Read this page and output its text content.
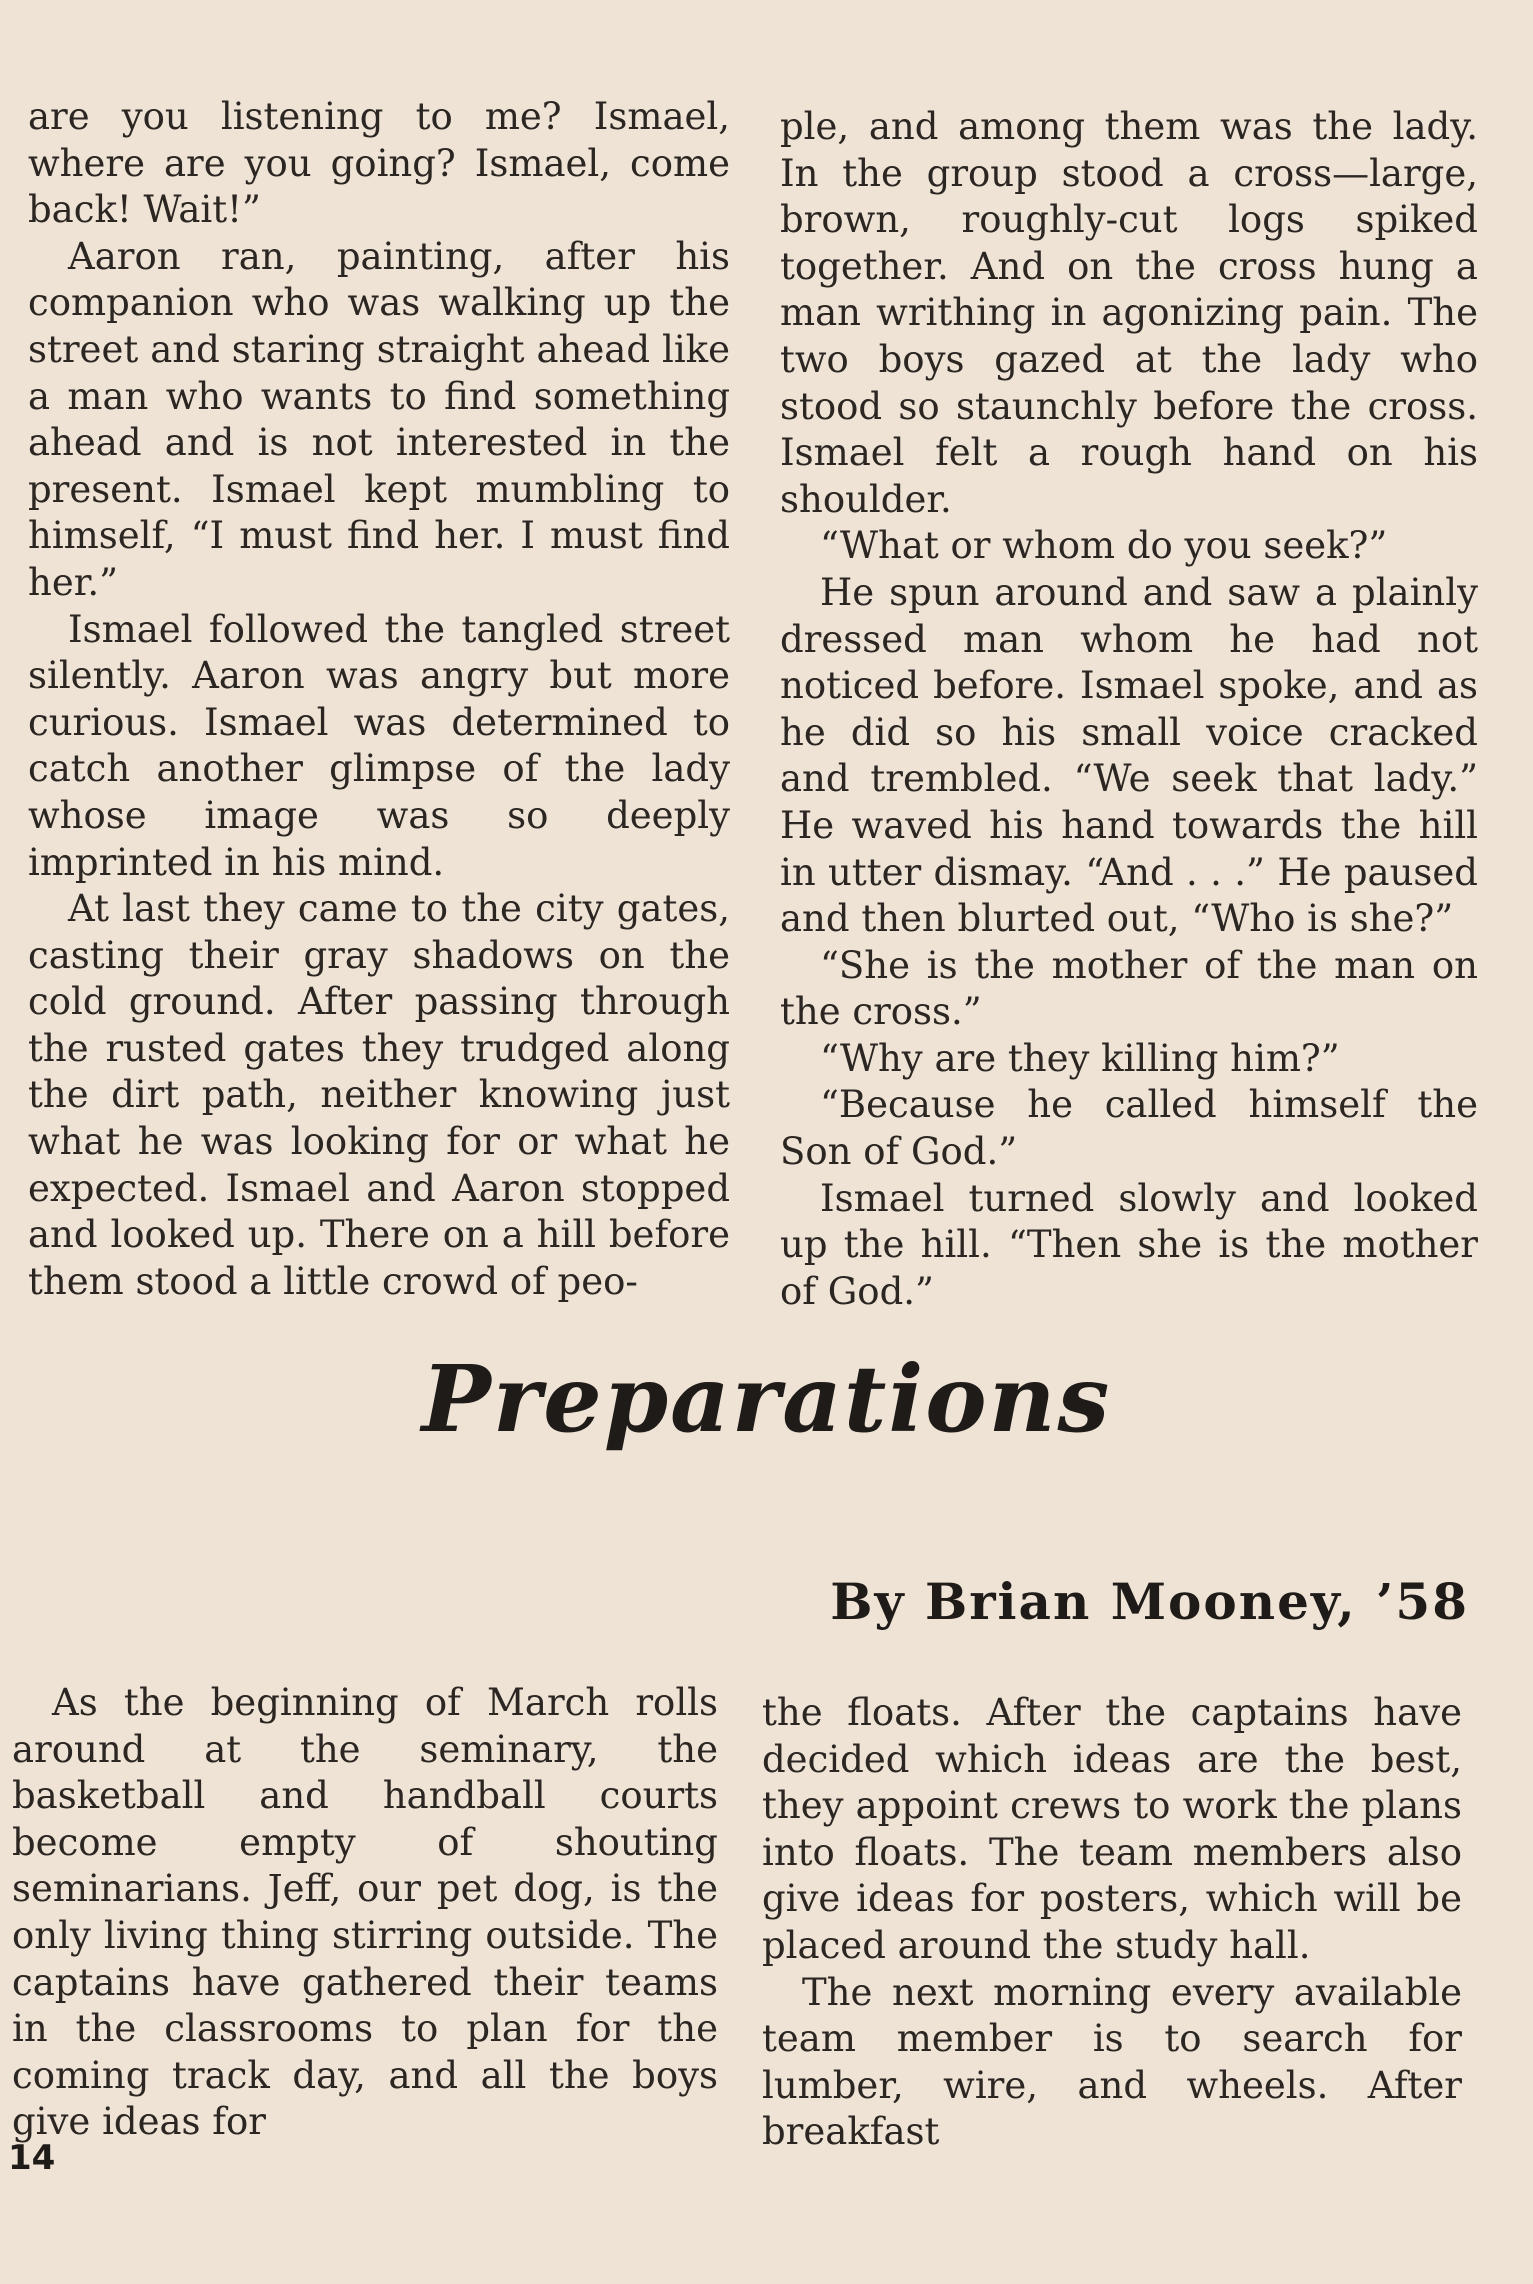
are you listening to me? Ismael, where are you going? Ismael, come back! Wait!”

Aaron ran, painting, after his companion who was walking up the street and staring straight ahead like a man who wants to find something ahead and is not interested in the present. Ismael kept mumbling to himself, “I must find her. I must find her.”

Ismael followed the tangled street silently. Aaron was angry but more curious. Ismael was determined to catch another glimpse of the lady whose image was so deeply imprinted in his mind.

At last they came to the city gates, casting their gray shadows on the cold ground. After passing through the rusted gates they trudged along the dirt path, neither knowing just what he was looking for or what he expected. Ismael and Aaron stopped and looked up. There on a hill before them stood a little crowd of peo-

ple, and among them was the lady. In the group stood a cross—large, brown, roughly-cut logs spiked together. And on the cross hung a man writhing in agonizing pain. The two boys gazed at the lady who stood so staunchly before the cross. Ismael felt a rough hand on his shoulder.

“What or whom do you seek?”

He spun around and saw a plainly dressed man whom he had not noticed before. Ismael spoke, and as he did so his small voice cracked and trembled. “We seek that lady.” He waved his hand towards the hill in utter dismay. “And . . .” He paused and then blurted out, “Who is she?”

“She is the mother of the man on the cross.”

“Why are they killing him?”

“Because he called himself the Son of God.”

Ismael turned slowly and looked up the hill. “Then she is the mother of God.”

Preparations
By Brian Mooney, ’58

As the beginning of March rolls around at the seminary, the basketball and handball courts become empty of shouting seminarians. Jeff, our pet dog, is the only living thing stirring outside. The captains have gathered their teams in the classrooms to plan for the coming track day, and all the boys give ideas for

the floats. After the captains have decided which ideas are the best, they appoint crews to work the plans into floats. The team members also give ideas for posters, which will be placed around the study hall.

The next morning every available team member is to search for lumber, wire, and wheels. After breakfast

14
